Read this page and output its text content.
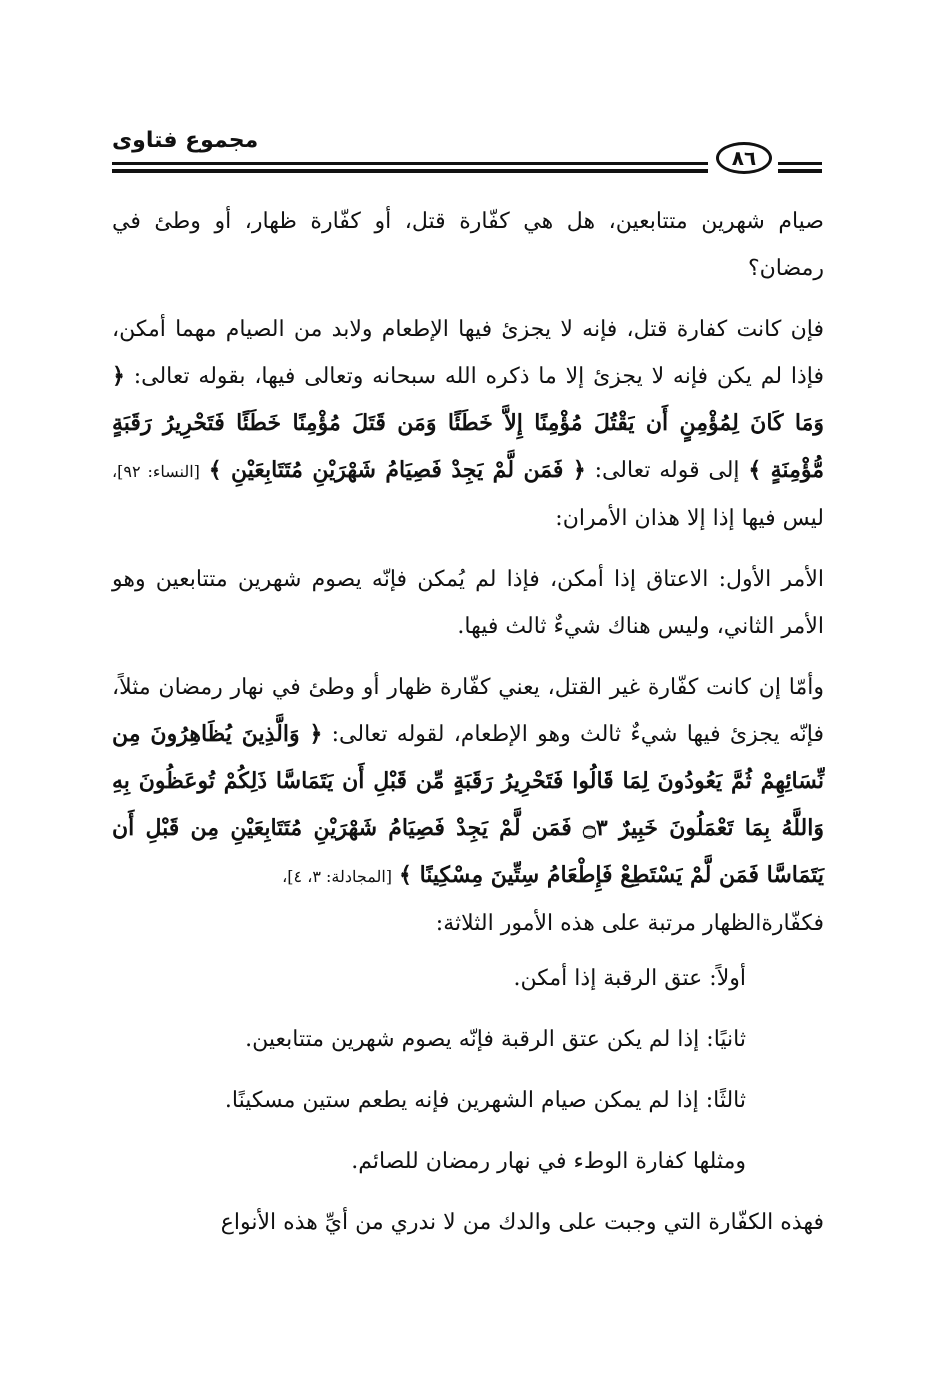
مجموع فتاوى
٨٦

صيام شهرين متتابعين، هل هي كفّارة قتل، أو كفّارة ظهار، أو وطئ في رمضان؟

فإن كانت كفارة قتل، فإنه لا يجزئ فيها الإطعام ولابد من الصيام مهما أمكن، فإذا لم يكن فإنه لا يجزئ إلا ما ذكره الله سبحانه وتعالى فيها، بقوله تعالى: ﴿ وَمَا كَانَ لِمُؤْمِنٍ أَن يَقْتُلَ مُؤْمِنًا إِلاَّ خَطَئًا وَمَن قَتَلَ مُؤْمِنًا خَطَئًا فَتَحْرِيرُ رَقَبَةٍ مُّؤْمِنَةٍ ﴾ إلى قوله تعالى: ﴿ فَمَن لَّمْ يَجِدْ فَصِيَامُ شَهْرَيْنِ مُتَتَابِعَيْنِ ﴾ [النساء: ٩٢]، ليس فيها إذا إلا هذان الأمران:

الأمر الأول: الاعتاق إذا أمكن، فإذا لم يُمكن فإنّه يصوم شهرين متتابعين وهو الأمر الثاني، وليس هناك شيءٌ ثالث فيها.

وأمّا إن كانت كفّارة غير القتل، يعني كفّارة ظهار أو وطئ في نهار رمضان مثلاً، فإنّه يجزئ فيها شيءٌ ثالث وهو الإطعام، لقوله تعالى: ﴿ وَالَّذِينَ يُظَاهِرُونَ مِن نِّسَائِهِمْ ثُمَّ يَعُودُونَ لِمَا قَالُوا فَتَحْرِيرُ رَقَبَةٍ مِّن قَبْلِ أَن يَتَمَاسَّا ذَلِكُمْ تُوعَظُونَ بِهِ وَاللَّهُ بِمَا تَعْمَلُونَ خَبِيرٌ ۝٣ فَمَن لَّمْ يَجِدْ فَصِيَامُ شَهْرَيْنِ مُتَتَابِعَيْنِ مِن قَبْلِ أَن يَتَمَاسَّا فَمَن لَّمْ يَسْتَطِعْ فَإِطْعَامُ سِتِّينَ مِسْكِينًا ﴾ [المجادلة: ٣، ٤]،

فكفّارةالظهار مرتبة على هذه الأمور الثلاثة:

أولاً: عتق الرقبة إذا أمكن.

ثانيًا: إذا لم يكن عتق الرقبة فإنّه يصوم شهرين متتابعين.

ثالثًا: إذا لم يمكن صيام الشهرين فإنه يطعم ستين مسكينًا.

ومثلها كفارة الوطء في نهار رمضان للصائم.

فهذه الكفّارة التي وجبت على والدك من لا ندري من أيِّ هذه الأنواع
